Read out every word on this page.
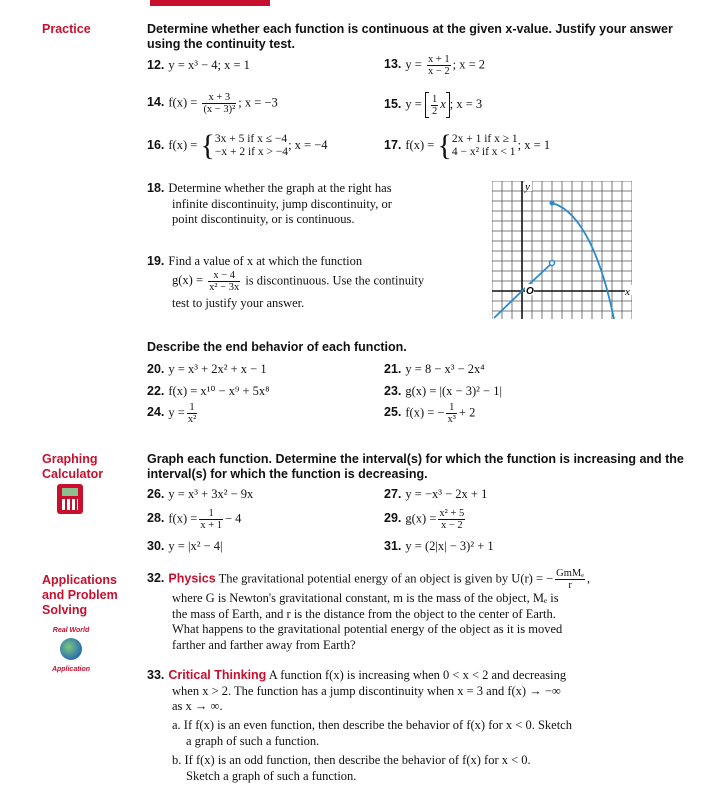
Practice
Graphing Calculator
Applications and Problem Solving
Real World
Application
Determine whether each function is continuous at the given x-value. Justify your answer using the continuity test.
12. y = x³ − 4; x = 1	13. $y = \frac{x + 1}{x - 2}$ ; x = 2
14. $f(x) = \frac{x + 3}{\text{(x − 3)²}}$ ; x = −3	15. $y = \frac{1}{2}$ x ; x = 3
16. f(x) = { 3x + 5 if x ≤ −4
−x + 2 if x > −4
; x = −4	17. f(x) = { 2x + 1 if x ≥ 1
4 − x² if x < 1
; x = 1
18. Determine whether the graph at the right has
infinite discontinuity, jump discontinuity, or
point discontinuity, or is continuous.
19. Find a value of x at which the function
$g(x) = \frac{x - 4}{\text{x² − 3x}}$ is discontinuous. Use the continuity
test to justify your answer.
O	x
y
Describe the end behavior of each function.
20. y = x³ + 2x² + x − 1	21. y = 8 − x³ − 2x⁴
22. f(x) = x¹⁰ − x⁹ + 5x⁸	23. g(x) = |(x − 3)² − 1|
24. $y = \frac{1}{\text{x²}}$	25. f(x) = − $\frac{1}{\text{x³}} + 2$
Graph each function. Determine the interval(s) for which the function is increasing and the interval(s) for which the function is decreasing.
26. y = x³ + 3x² − 9x	27. y = −x³ − 2x + 1
28. $f(x) = \frac{1}{x + 1} - 4$	29. $g(x) = \frac{\text{x² + 5}}{x - 2}$
30. y = |x² − 4|	31. y = (2|x| − 3)² + 1
32. Physics The gravitational potential energy of an object is given by U(r) = − $\frac{\text{GmMₑ}}{r}$ ,
where G is Newton's gravitational constant, m is the mass of the object, Mₑ is
the mass of Earth, and r is the distance from the object to the center of Earth.
What happens to the gravitational potential energy of the object as it is moved
farther and farther away from Earth?
33. Critical Thinking A function f(x) is increasing when 0 < x < 2 and decreasing
when x > 2. The function has a jump discontinuity when x = 3 and f(x) → −∞
as x → ∞.
a. If f(x) is an even function, then describe the behavior of f(x) for x < 0. Sketch
a graph of such a function.
b. If f(x) is an odd function, then describe the behavior of f(x) for x < 0.
Sketch a graph of such a function.
